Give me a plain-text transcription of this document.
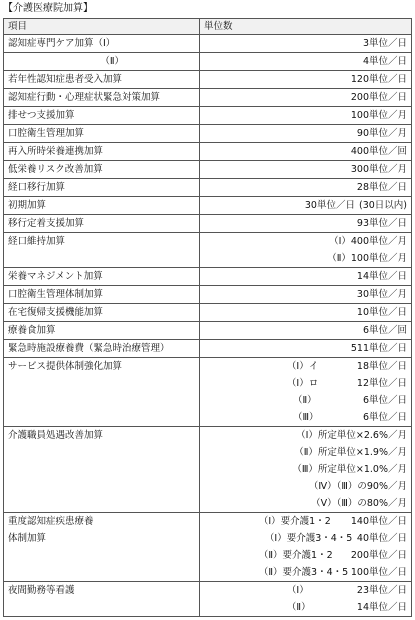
【介護医療院加算】
項目	単位数
認知症専門ケア加算（Ⅰ）	3単位／日
（Ⅱ）	4単位／日
若年性認知症患者受入加算	120単位／日
認知症行動・心理症状緊急対策加算	200単位／日
排せつ支援加算	100単位／月
口腔衛生管理加算	90単位／月
再入所時栄養連携加算	400単位／回
低栄養リスク改善加算	300単位／月
経口移行加算	28単位／日
初期加算	30単位／日 (30日以内)
移行定着支援加算	93単位／日
経口維持加算	（Ⅰ）400単位／月
（Ⅱ）100単位／月

栄養マネジメント加算	14単位／日
口腔衛生管理体制加算	30単位／月
在宅復帰支援機能加算	10単位／日
療養食加算	6単位／回
緊急時施設療養費（緊急時治療管理）	511単位／日
サービス提供体制強化加算	（Ⅰ）イ 18単位／日
（Ⅰ）ロ 12単位／日
（Ⅱ） 6単位／日
（Ⅲ） 6単位／日

介護職員処遇改善加算	（Ⅰ）所定単位×2.6%／月
（Ⅱ）所定単位×1.9%／月
（Ⅲ）所定単位×1.0%／月
（Ⅳ）（Ⅲ）の90%／月
（Ⅴ）（Ⅲ）の80%／月

重度認知症疾患療養
体制加算	（Ⅰ）要介護1・2 140単位／日
（Ⅰ）要介護3・4・5 40単位／日
（Ⅱ）要介護1・2 200単位／日
（Ⅱ）要介護3・4・5 100単位／日

夜間勤務等看護	（Ⅰ） 23単位／日
（Ⅱ） 14単位／日
